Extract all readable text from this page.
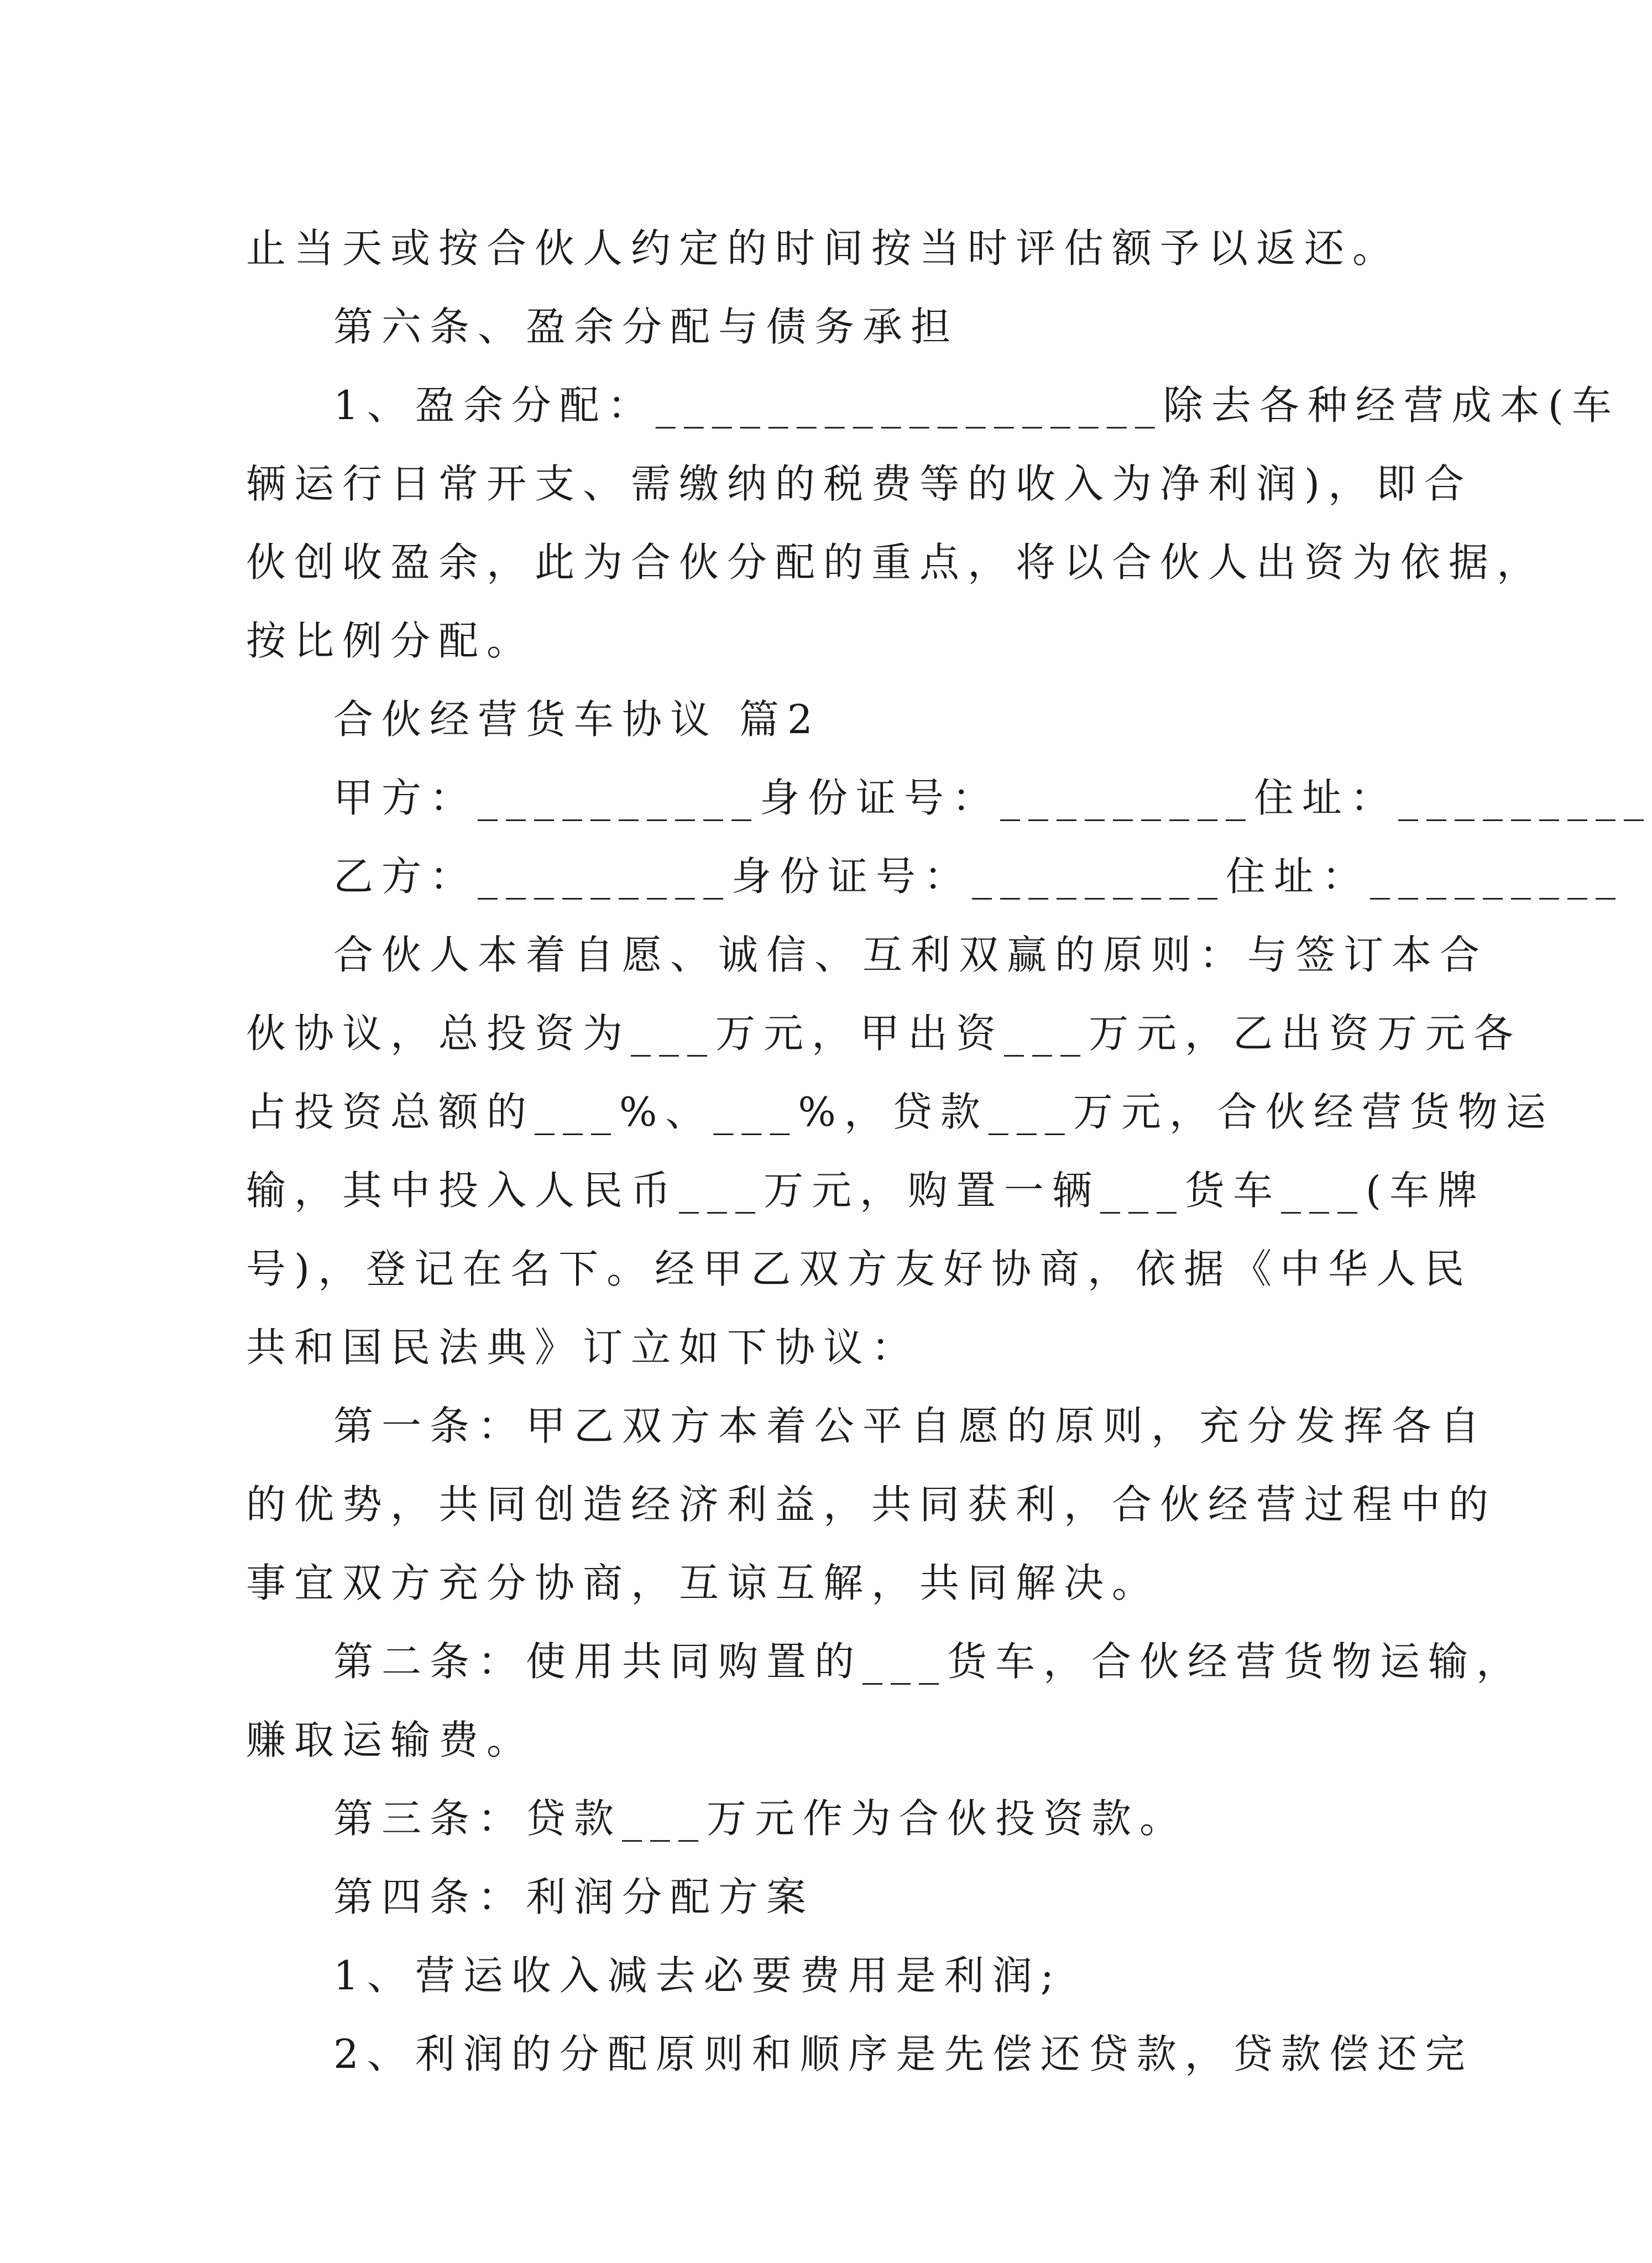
止当天或按合伙人约定的时间按当时评估额予以返还。
第六条、盈余分配与债务承担
1、盈余分配：__________________除去各种经营成本(车
辆运行日常开支、需缴纳的税费等的收入为净利润)，即合
伙创收盈余，此为合伙分配的重点，将以合伙人出资为依据，
按比例分配。
合伙经营货车协议 篇2
甲方：__________身份证号：_________住址：_________
乙方：_________身份证号：_________住址：_________
合伙人本着自愿、诚信、互利双赢的原则：与签订本合
伙协议，总投资为___万元，甲出资___万元，乙出资万元各
占投资总额的___%、___%，贷款___万元，合伙经营货物运
输，其中投入人民币___万元，购置一辆___货车___(车牌
号)，登记在名下。经甲乙双方友好协商，依据《中华人民
共和国民法典》订立如下协议：
第一条：甲乙双方本着公平自愿的原则，充分发挥各自
的优势，共同创造经济利益，共同获利，合伙经营过程中的
事宜双方充分协商，互谅互解，共同解决。
第二条：使用共同购置的___货车，合伙经营货物运输，
赚取运输费。
第三条：贷款___万元作为合伙投资款。
第四条：利润分配方案
1、营运收入减去必要费用是利润;
2、利润的分配原则和顺序是先偿还贷款，贷款偿还完
